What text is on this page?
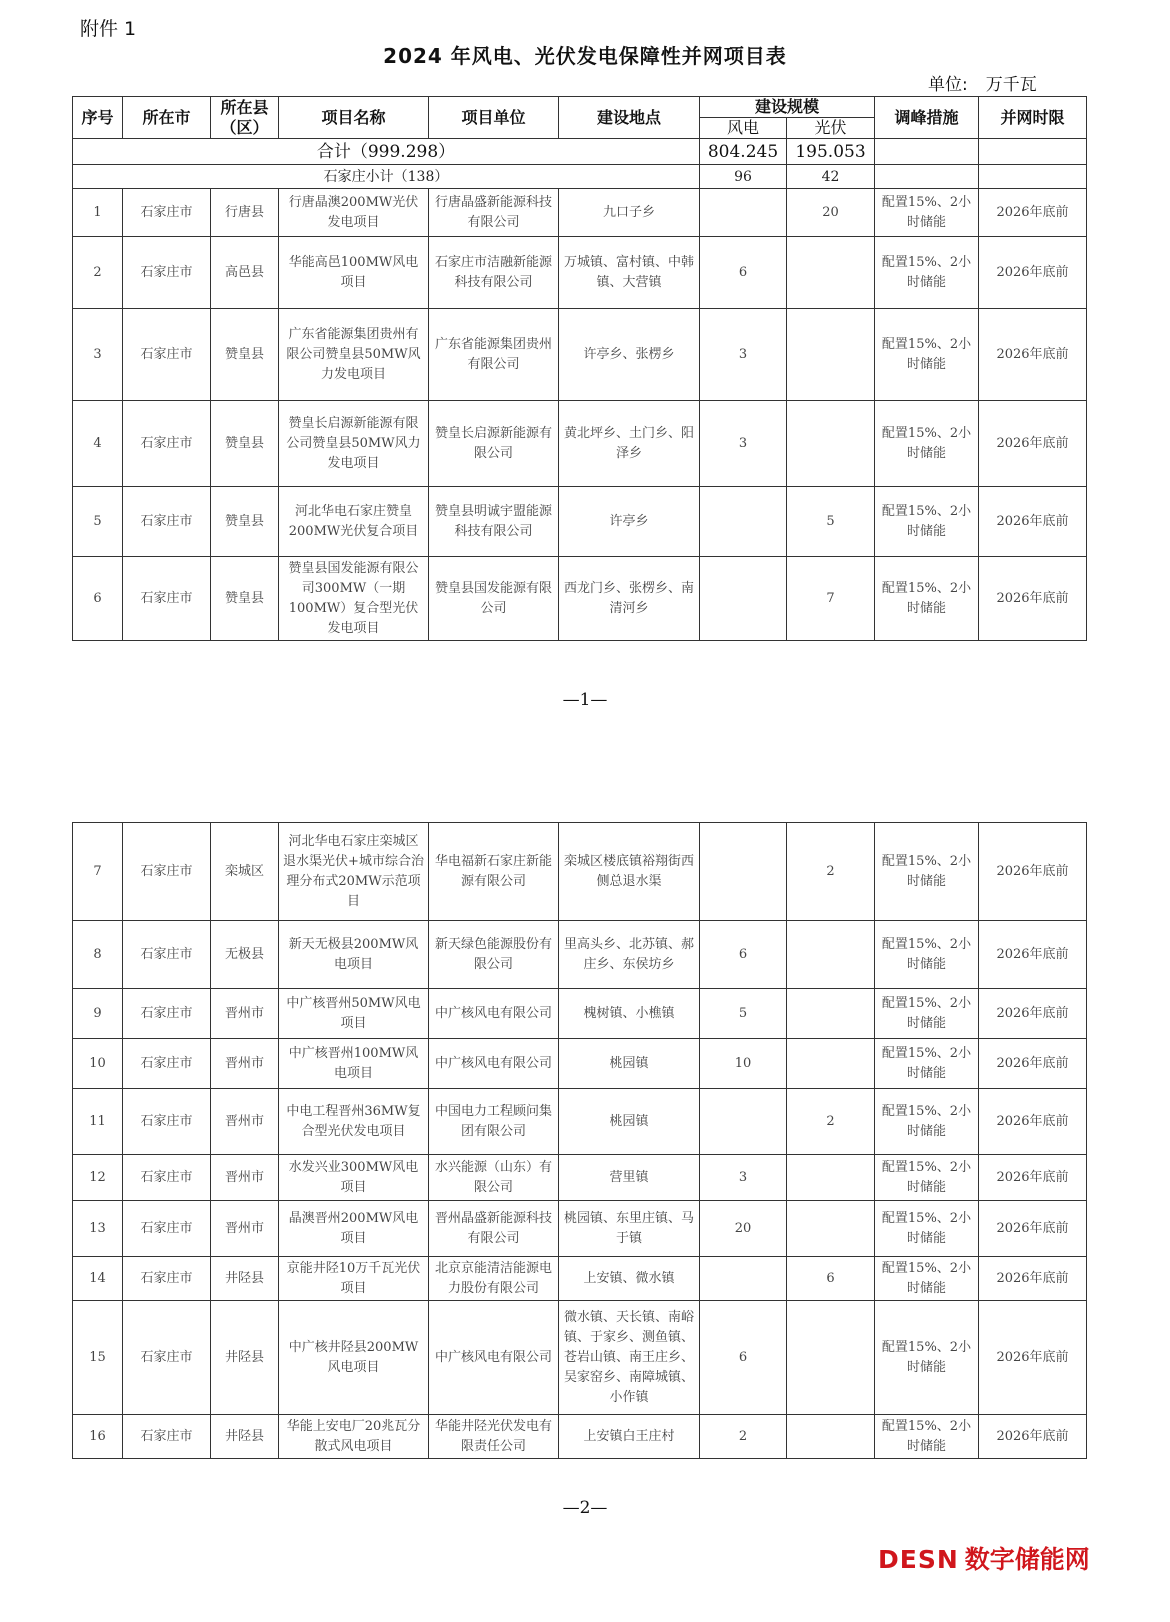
附件 1
2024 年风电、光伏发电保障性并网项目表
单位: 万千瓦
序号	所在市	所在县（区）	项目名称	项目单位	建设地点	建设规模		调峰措施	并网时限
						风电	光伏		
合计（999.298）						804.245	195.053		
石家庄小计（138）						96	42		
1	石家庄市	行唐县	行唐晶澳200MW光伏发电项目	行唐晶盛新能源科技有限公司	九口子乡		20	配置15%、2小时储能	2026年底前
2	石家庄市	高邑县	华能高邑100MW风电项目	石家庄市洁融新能源科技有限公司	万城镇、富村镇、中韩镇、大营镇	6		配置15%、2小时储能	2026年底前
3	石家庄市	赞皇县	广东省能源集团贵州有限公司赞皇县50MW风力发电项目	广东省能源集团贵州有限公司	许亭乡、张楞乡	3		配置15%、2小时储能	2026年底前
4	石家庄市	赞皇县	赞皇长启源新能源有限公司赞皇县50MW风力发电项目	赞皇长启源新能源有限公司	黄北坪乡、土门乡、阳泽乡	3		配置15%、2小时储能	2026年底前
5	石家庄市	赞皇县	河北华电石家庄赞皇200MW光伏复合项目	赞皇县明诚宇盟能源科技有限公司	许亭乡		5	配置15%、2小时储能	2026年底前
6	石家庄市	赞皇县	赞皇县国发能源有限公司300MW（一期100MW）复合型光伏发电项目	赞皇县国发能源有限公司	西龙门乡、张楞乡、南清河乡		7	配置15%、2小时储能	2026年底前
—1—
7	石家庄市	栾城区	河北华电石家庄栾城区退水渠光伏+城市综合治理分布式20MW示范项目	华电福新石家庄新能源有限公司	栾城区楼底镇裕翔街西侧总退水渠		2	配置15%、2小时储能	2026年底前
8	石家庄市	无极县	新天无极县200MW风电项目	新天绿色能源股份有限公司	里高头乡、北苏镇、郝庄乡、东侯坊乡	6		配置15%、2小时储能	2026年底前
9	石家庄市	晋州市	中广核晋州50MW风电项目	中广核风电有限公司	槐树镇、小樵镇	5		配置15%、2小时储能	2026年底前
10	石家庄市	晋州市	中广核晋州100MW风电项目	中广核风电有限公司	桃园镇	10		配置15%、2小时储能	2026年底前
11	石家庄市	晋州市	中电工程晋州36MW复合型光伏发电项目	中国电力工程顾问集团有限公司	桃园镇		2	配置15%、2小时储能	2026年底前
12	石家庄市	晋州市	水发兴业300MW风电项目	水兴能源（山东）有限公司	营里镇	3		配置15%、2小时储能	2026年底前
13	石家庄市	晋州市	晶澳晋州200MW风电项目	晋州晶盛新能源科技有限公司	桃园镇、东里庄镇、马于镇	20		配置15%、2小时储能	2026年底前
14	石家庄市	井陉县	京能井陉10万千瓦光伏项目	北京京能清洁能源电力股份有限公司	上安镇、微水镇		6	配置15%、2小时储能	2026年底前
15	石家庄市	井陉县	中广核井陉县200MW风电项目	中广核风电有限公司	微水镇、天长镇、南峪镇、于家乡、测鱼镇、苍岩山镇、南王庄乡、吴家窑乡、南障城镇、小作镇	6		配置15%、2小时储能	2026年底前
16	石家庄市	井陉县	华能上安电厂20兆瓦分散式风电项目	华能井陉光伏发电有限责任公司	上安镇白王庄村	2		配置15%、2小时储能	2026年底前
—2—
DESN 数字储能网
